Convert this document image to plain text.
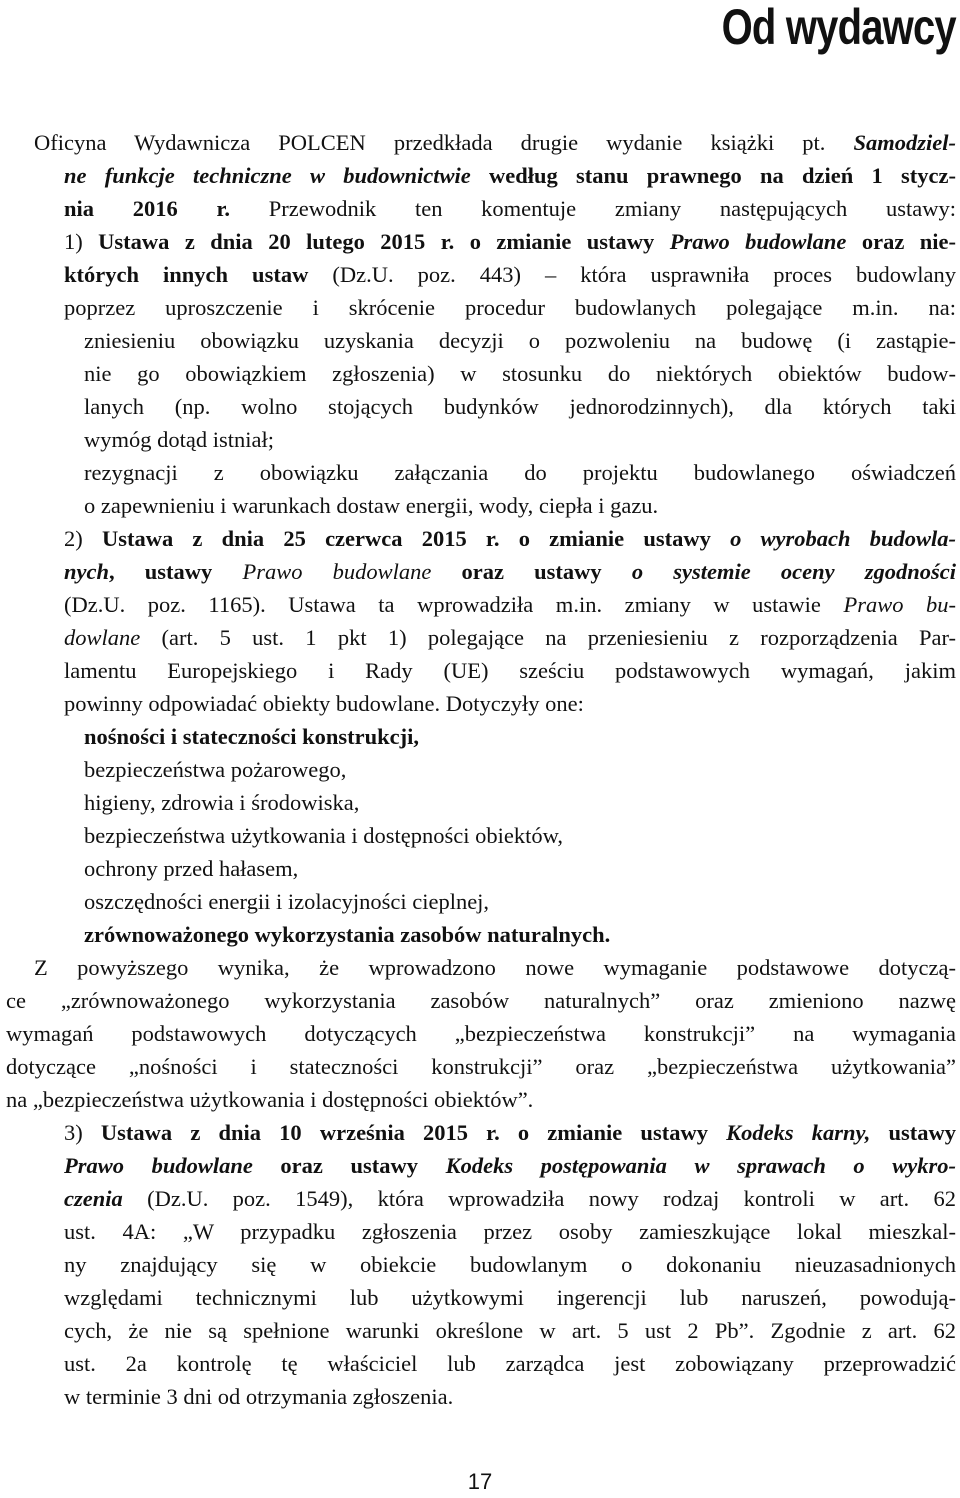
Od wydawcy
Oficyna Wydawnicza POLCEN przedkłada drugie wydanie książki pt. Samodziel-
ne funkcje techniczne w budownictwie według stanu prawnego na dzień 1 stycz-
nia 2016 r. Przewodnik ten komentuje zmiany następujących ustawy:
1) Ustawa z dnia 20 lutego 2015 r. o zmianie ustawy Prawo budowlane oraz nie-
których innych ustaw (Dz.U. poz. 443) – która usprawniła proces budowlany
poprzez uproszczenie i skrócenie procedur budowlanych polegające m.in. na:
zniesieniu obowiązku uzyskania decyzji o pozwoleniu na budowę (i zastąpie-
nie go obowiązkiem zgłoszenia) w stosunku do niektórych obiektów budow-
lanych (np. wolno stojących budynków jednorodzinnych), dla których taki
wymóg dotąd istniał;
rezygnacji z obowiązku załączania do projektu budowlanego oświadczeń
o zapewnieniu i warunkach dostaw energii, wody, ciepła i gazu.
2) Ustawa z dnia 25 czerwca 2015 r. o zmianie ustawy o wyrobach budowla-
nych, ustawy Prawo budowlane oraz ustawy o systemie oceny zgodności
(Dz.U. poz. 1165). Ustawa ta wprowadziła m.in. zmiany w ustawie Prawo bu-
dowlane (art. 5 ust. 1 pkt 1) polegające na przeniesieniu z rozporządzenia Par-
lamentu Europejskiego i Rady (UE) sześciu podstawowych wymagań, jakim
powinny odpowiadać obiekty budowlane. Dotyczyły one:
nośności i stateczności konstrukcji,
bezpieczeństwa pożarowego,
higieny, zdrowia i środowiska,
bezpieczeństwa użytkowania i dostępności obiektów,
ochrony przed hałasem,
oszczędności energii i izolacyjności cieplnej,
zrównoważonego wykorzystania zasobów naturalnych.
Z powyższego wynika, że wprowadzono nowe wymaganie podstawowe dotyczą-
ce „zrównoważonego wykorzystania zasobów naturalnych” oraz zmieniono nazwę
wymagań podstawowych dotyczących „bezpieczeństwa konstrukcji” na wymagania
dotyczące „nośności i stateczności konstrukcji” oraz „bezpieczeństwa użytkowania”
na „bezpieczeństwa użytkowania i dostępności obiektów”.
3) Ustawa z dnia 10 września 2015 r. o zmianie ustawy Kodeks karny, ustawy
Prawo budowlane oraz ustawy Kodeks postępowania w sprawach o wykro-
czenia (Dz.U. poz. 1549), która wprowadziła nowy rodzaj kontroli w art. 62
ust. 4A: „W przypadku zgłoszenia przez osoby zamieszkujące lokal mieszkal-
ny znajdujący się w obiekcie budowlanym o dokonaniu nieuzasadnionych
względami technicznymi lub użytkowymi ingerencji lub naruszeń, powodują-
cych, że nie są spełnione warunki określone w art. 5 ust 2 Pb”. Zgodnie z art. 62
ust. 2a kontrolę tę właściciel lub zarządca jest zobowiązany przeprowadzić
w terminie 3 dni od otrzymania zgłoszenia.
17
